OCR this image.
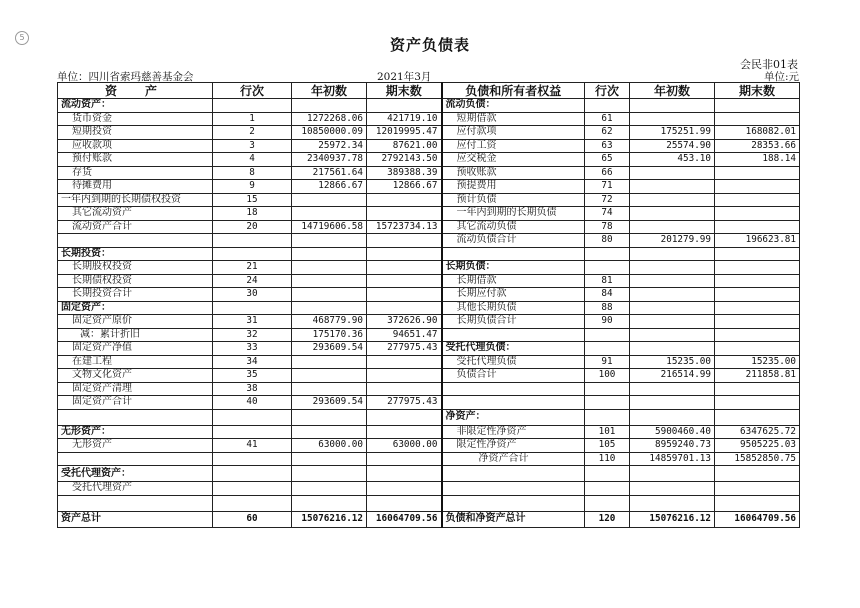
5	资产负债表
会民非01表
单位：四川省索玛慈善基金会	2021年3月	单位:元
资　产	行次	年初数	期末数	负债和所有者权益	行次	年初数	期末数
流动资产：				流动负债：			
货币资金	1	1272268.06	421719.10	短期借款	61		
短期投资	2	10850000.09	12019995.47	应付款项	62	175251.99	168082.01
应收款项	3	25972.34	87621.00	应付工资	63	25574.90	28353.66
预付账款	4	2340937.78	2792143.50	应交税金	65	453.10	188.14
存货	8	217561.64	389388.39	预收账款	66		
待摊费用	9	12866.67	12866.67	预提费用	71		
一年内到期的长期债权投资	15			预计负债	72		
其它流动资产	18			一年内到期的长期负债	74		
流动资产合计	20	14719606.58	15723734.13	其它流动负债	78		
				流动负债合计	80	201279.99	196623.81
长期投资：							
长期股权投资	21			长期负债：			
长期债权投资	24			长期借款	81		
长期投资合计	30			长期应付款	84		
固定资产：				其他长期负债	88		
固定资产原价	31	468779.90	372626.90	长期负债合计	90		
减：累计折旧	32	175170.36	94651.47				
固定资产净值	33	293609.54	277975.43	受托代理负债：			
在建工程	34			受托代理负债	91	15235.00	15235.00
文物文化资产	35			负债合计	100	216514.99	211858.81
固定资产清理	38						
固定资产合计	40	293609.54	277975.43				
				净资产：			
无形资产：				非限定性净资产	101	5900460.40	6347625.72
无形资产	41	63000.00	63000.00	限定性净资产	105	8959240.73	9505225.03
				净资产合计	110	14859701.13	15852850.75
受托代理资产：							
受托代理资产							

资产总计	60	15076216.12	16064709.56	负债和净资产总计	120	15076216.12	16064709.56
